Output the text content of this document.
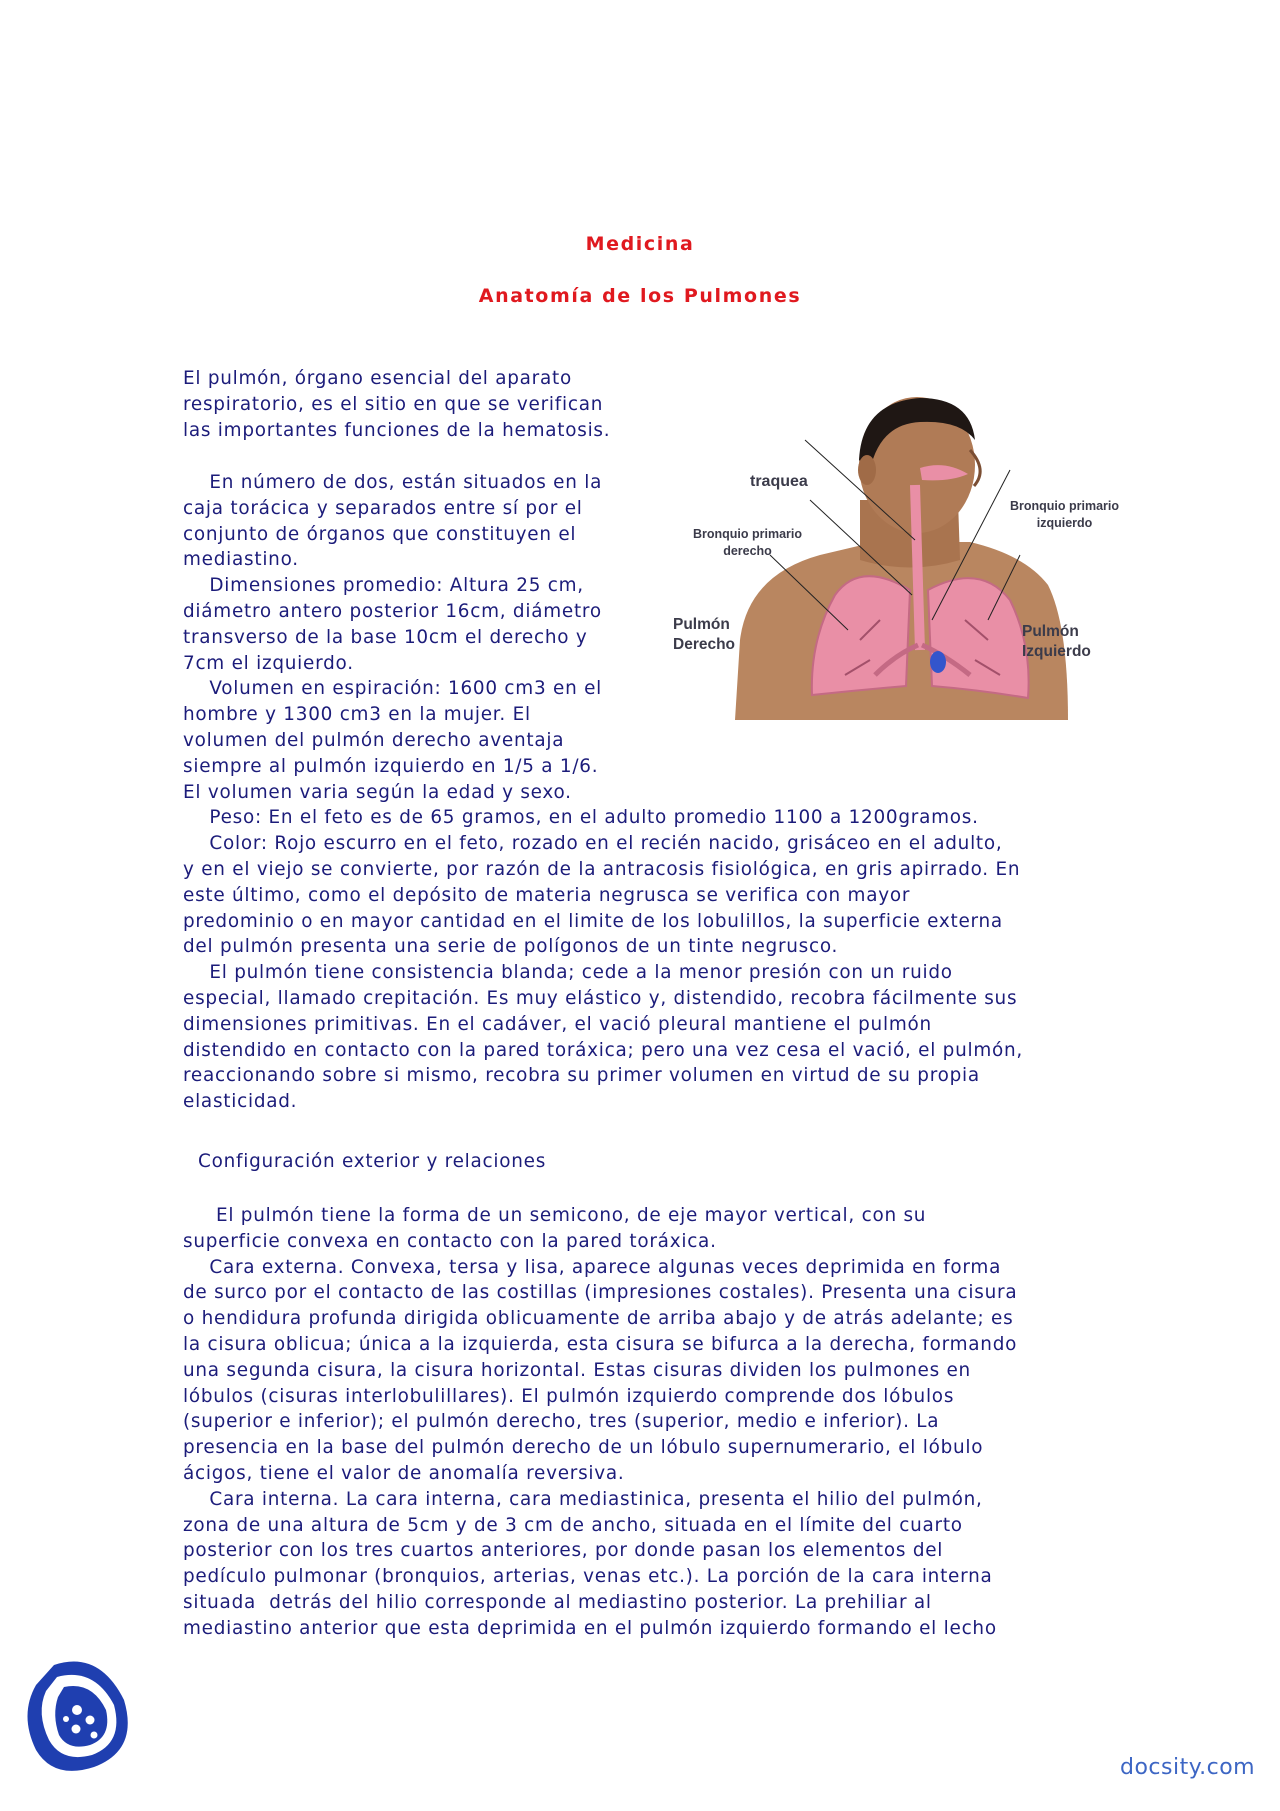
Medicina
Anatomía de los Pulmones
El pulmón, órgano esencial del aparato
respiratorio, es el sitio en que se verifican
las importantes funciones de la hematosis.
En número de dos, están situados en la
caja torácica y separados entre sí por el
conjunto de órganos que constituyen el
mediastino.
Dimensiones promedio: Altura 25 cm,
diámetro antero posterior 16cm, diámetro
transverso de la base 10cm el derecho y
7cm el izquierdo.
Volumen en espiración: 1600 cm3 en el
hombre y 1300 cm3 en la mujer. El
volumen del pulmón derecho aventaja
siempre al pulmón izquierdo en 1/5 a 1/6.
El volumen varia según la edad y sexo.
Peso: En el feto es de 65 gramos, en el adulto promedio 1100 a 1200gramos.
Color: Rojo escurro en el feto, rozado en el recién nacido, grisáceo en el adulto,
y en el viejo se convierte, por razón de la antracosis fisiológica, en gris apirrado. En
este último, como el depósito de materia negrusca se verifica con mayor
predominio o en mayor cantidad en el limite de los lobulillos, la superficie externa
del pulmón presenta una serie de polígonos de un tinte negrusco.
El pulmón tiene consistencia blanda; cede a la menor presión con un ruido
especial, llamado crepitación. Es muy elástico y, distendido, recobra fácilmente sus
dimensiones primitivas. En el cadáver, el vació pleural mantiene el pulmón
distendido en contacto con la pared toráxica; pero una vez cesa el vació, el pulmón,
reaccionando sobre si mismo, recobra su primer volumen en virtud de su propia
elasticidad.
Configuración exterior y relaciones
El pulmón tiene la forma de un semicono, de eje mayor vertical, con su
superficie convexa en contacto con la pared toráxica.
Cara externa. Convexa, tersa y lisa, aparece algunas veces deprimida en forma
de surco por el contacto de las costillas (impresiones costales). Presenta una cisura
o hendidura profunda dirigida oblicuamente de arriba abajo y de atrás adelante; es
la cisura oblicua; única a la izquierda, esta cisura se bifurca a la derecha, formando
una segunda cisura, la cisura horizontal. Estas cisuras dividen los pulmones en
lóbulos (cisuras interlobulillares). El pulmón izquierdo comprende dos lóbulos
(superior e inferior); el pulmón derecho, tres (superior, medio e inferior). La
presencia en la base del pulmón derecho de un lóbulo supernumerario, el lóbulo
ácigos, tiene el valor de anomalía reversiva.
Cara interna. La cara interna, cara mediastinica, presenta el hilio del pulmón,
zona de una altura de 5cm y de 3 cm de ancho, situada en el límite del cuarto
posterior con los tres cuartos anteriores, por donde pasan los elementos del
pedículo pulmonar (bronquios, arterias, venas etc.). La porción de la cara interna
situada  detrás del hilio corresponde al mediastino posterior. La prehiliar al
mediastino anterior que esta deprimida en el pulmón izquierdo formando el lecho
traquea
Bronquio primario
izquierdo
Bronquio primario
derecho
Pulmón
Derecho
Pulmón
Izquierdo
docsity.com
